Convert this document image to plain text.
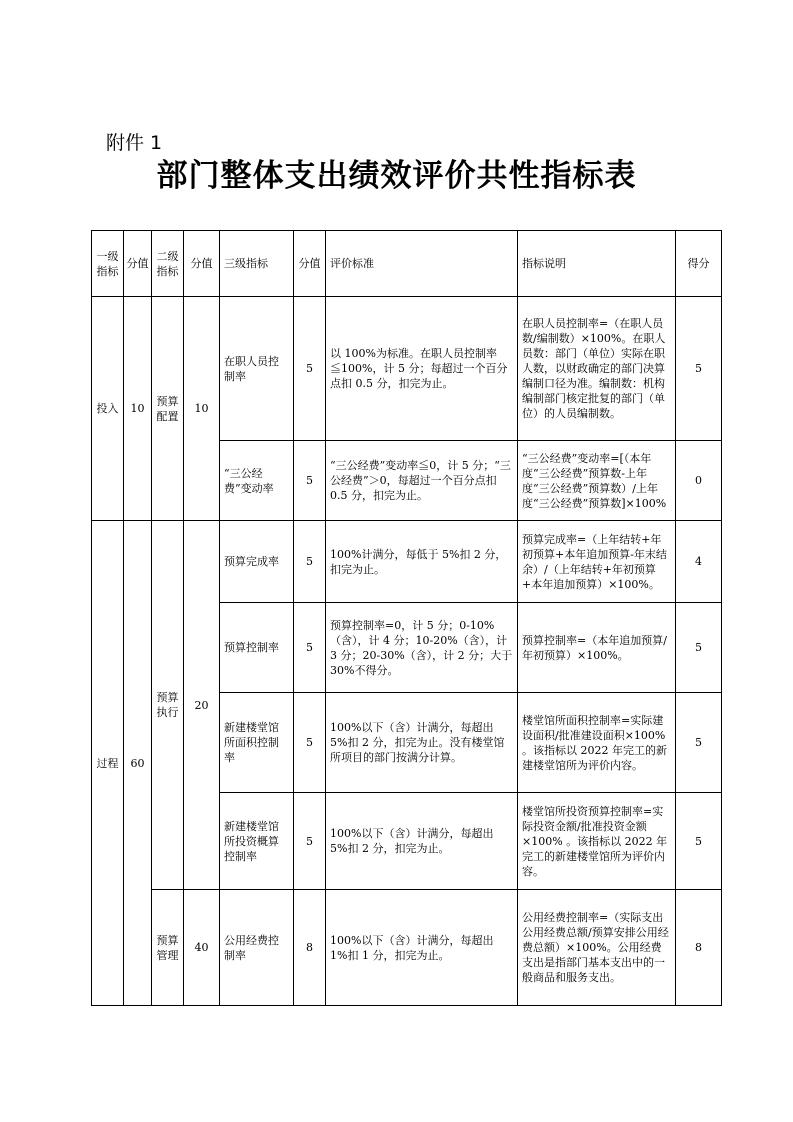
附件 1
部门整体支出绩效评价共性指标表
一级指标	分值	二级指标	分值	三级指标	分值	评价标准	指标说明	得分
投入	10	预算配置	10	在职人员控制率	5	以 100%为标准。在职人员控制率≦100%，计 5 分；每超过一个百分点扣 0.5 分，扣完为止。	在职人员控制率=（在职人员数/编制数）×100%。在职人员数：部门（单位）实际在职人数，以财政确定的部门决算编制口径为准。编制数：机构编制部门核定批复的部门（单位）的人员编制数。	5
				“三公经费”变动率	5	“三公经费”变动率≦0，计 5 分；“三公经费”＞0，每超过一个百分点扣 0.5 分，扣完为止。	“三公经费”变动率=[（本年度“三公经费”预算数-上年度“三公经费”预算数）/上年度“三公经费”预算数]×100%	0
过程	60	预算执行	20	预算完成率	5	100%计满分，每低于 5%扣 2 分，扣完为止。	预算完成率=（上年结转+年初预算+本年追加预算-年末结余）/（上年结转+年初预算+本年追加预算）×100%。	4
				预算控制率	5	预算控制率=0，计 5 分；0-10%（含），计 4 分；10-20%（含），计 3 分；20-30%（含），计 2 分；大于 30%不得分。	预算控制率=（本年追加预算/年初预算）×100%。	5
				新建楼堂馆所面积控制率	5	100%以下（含）计满分，每超出 5%扣 2 分，扣完为止。没有楼堂馆所项目的部门按满分计算。	楼堂馆所面积控制率=实际建设面积/批准建设面积×100% 。该指标以 2022 年完工的新建楼堂馆所为评价内容。	5
				新建楼堂馆所投资概算控制率	5	100%以下（含）计满分，每超出 5%扣 2 分，扣完为止。	楼堂馆所投资预算控制率=实际投资金额/批准投资金额×100% 。该指标以 2022 年完工的新建楼堂馆所为评价内容。	5
		预算管理	40	公用经费控制率	8	100%以下（含）计满分，每超出 1%扣 1 分，扣完为止。	公用经费控制率=（实际支出公用经费总额/预算安排公用经费总额）×100%。公用经费支出是指部门基本支出中的一般商品和服务支出。	8
